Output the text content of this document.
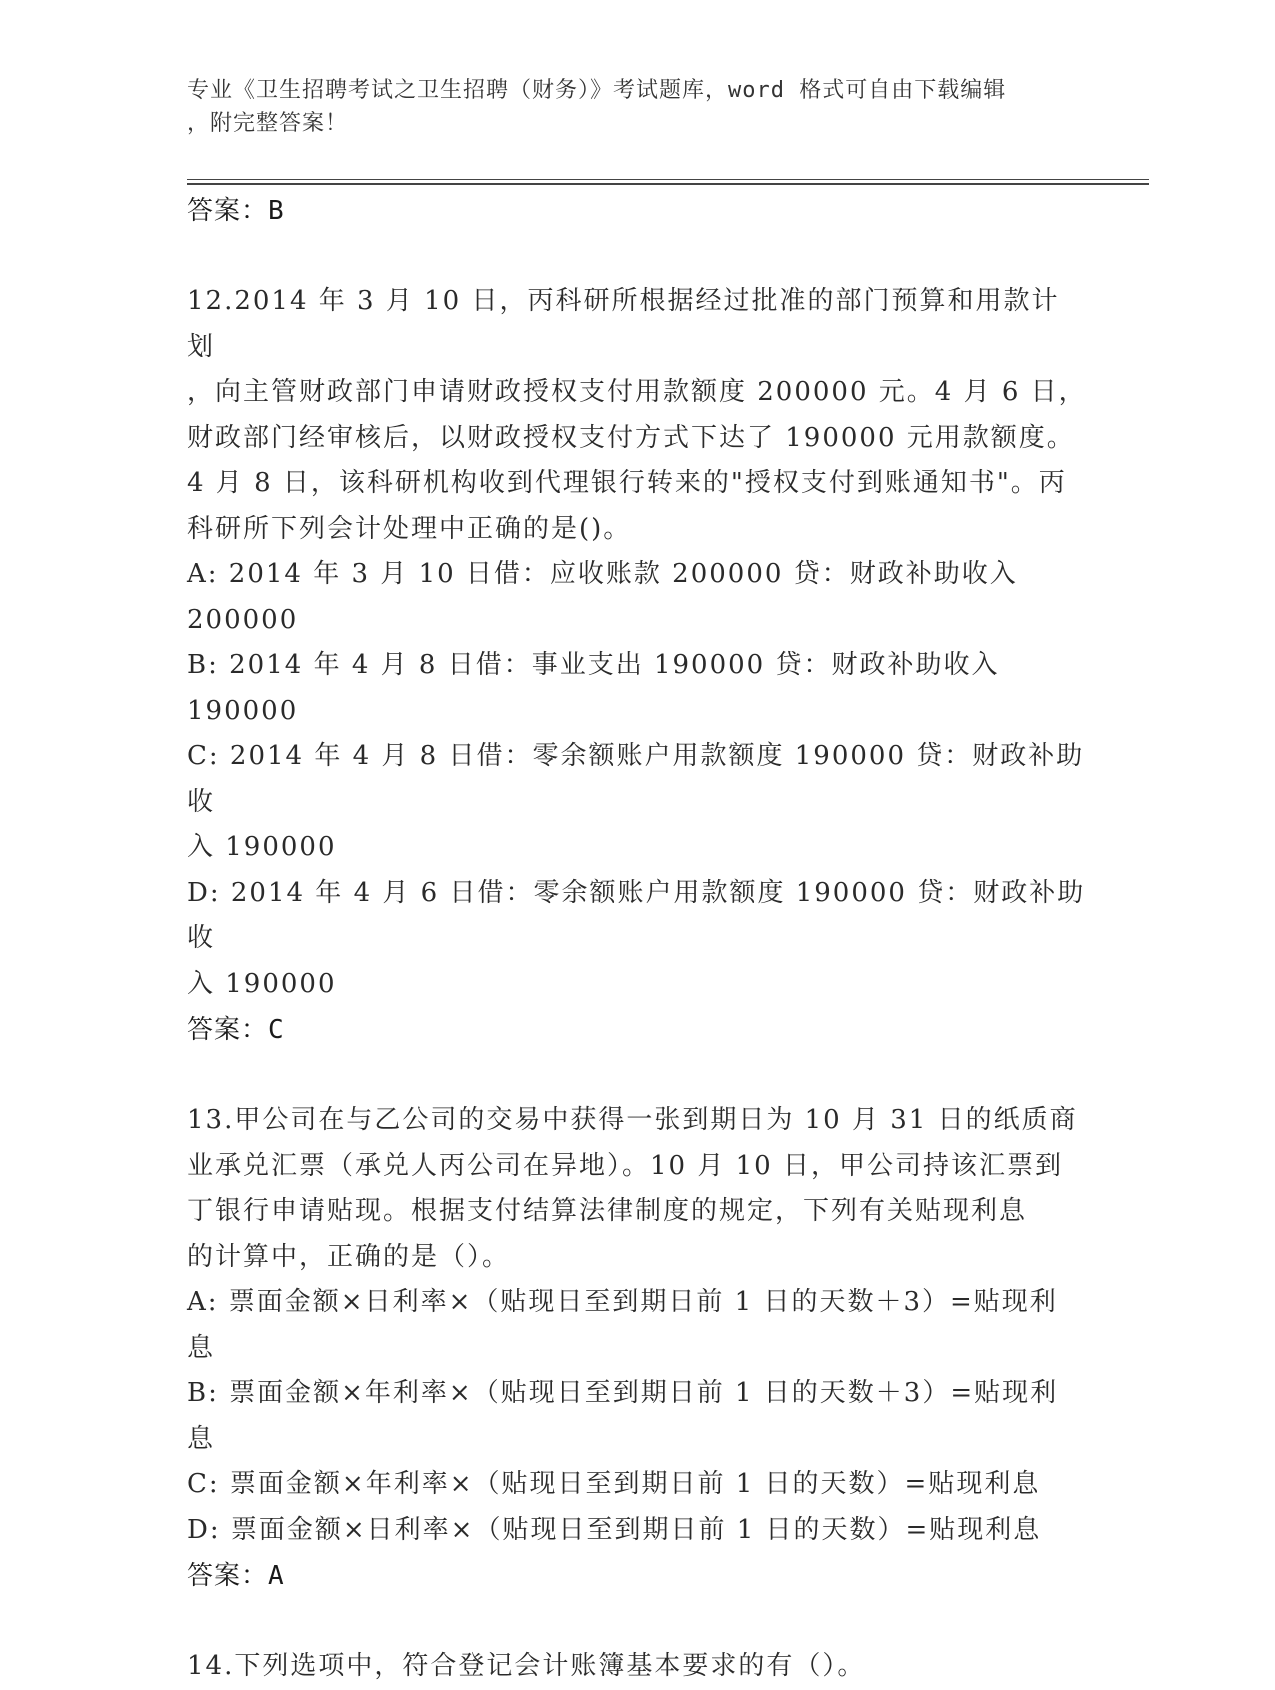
专业《卫生招聘考试之卫生招聘（财务）》考试题库，word 格式可自由下载编辑
，附完整答案！
答案：B
12.2014 年 3 月 10 日，丙科研所根据经过批准的部门预算和用款计划
，向主管财政部门申请财政授权支付用款额度 200000 元。4 月 6 日，
财政部门经审核后，以财政授权支付方式下达了 190000 元用款额度。
4 月 8 日，该科研机构收到代理银行转来的"授权支付到账通知书"。丙
科研所下列会计处理中正确的是()。
A: 2014 年 3 月 10 日借：应收账款 200000 贷：财政补助收入 200000
B: 2014 年 4 月 8 日借：事业支出 190000 贷：财政补助收入 190000
C: 2014 年 4 月 8 日借：零余额账户用款额度 190000 贷：财政补助收
入 190000
D: 2014 年 4 月 6 日借：零余额账户用款额度 190000 贷：财政补助收
入 190000
答案：C
13.甲公司在与乙公司的交易中获得一张到期日为 10 月 31 日的纸质商
业承兑汇票（承兑人丙公司在异地）。10 月 10 日，甲公司持该汇票到
丁银行申请贴现。根据支付结算法律制度的规定，下列有关贴现利息
的计算中，正确的是（）。
A: 票面金额×日利率×（贴现日至到期日前 1 日的天数＋3）=贴现利
息
B: 票面金额×年利率×（贴现日至到期日前 1 日的天数＋3）=贴现利
息
C: 票面金额×年利率×（贴现日至到期日前 1 日的天数）=贴现利息
D: 票面金额×日利率×（贴现日至到期日前 1 日的天数）=贴现利息
答案：A
14.下列选项中，符合登记会计账簿基本要求的有（）。
